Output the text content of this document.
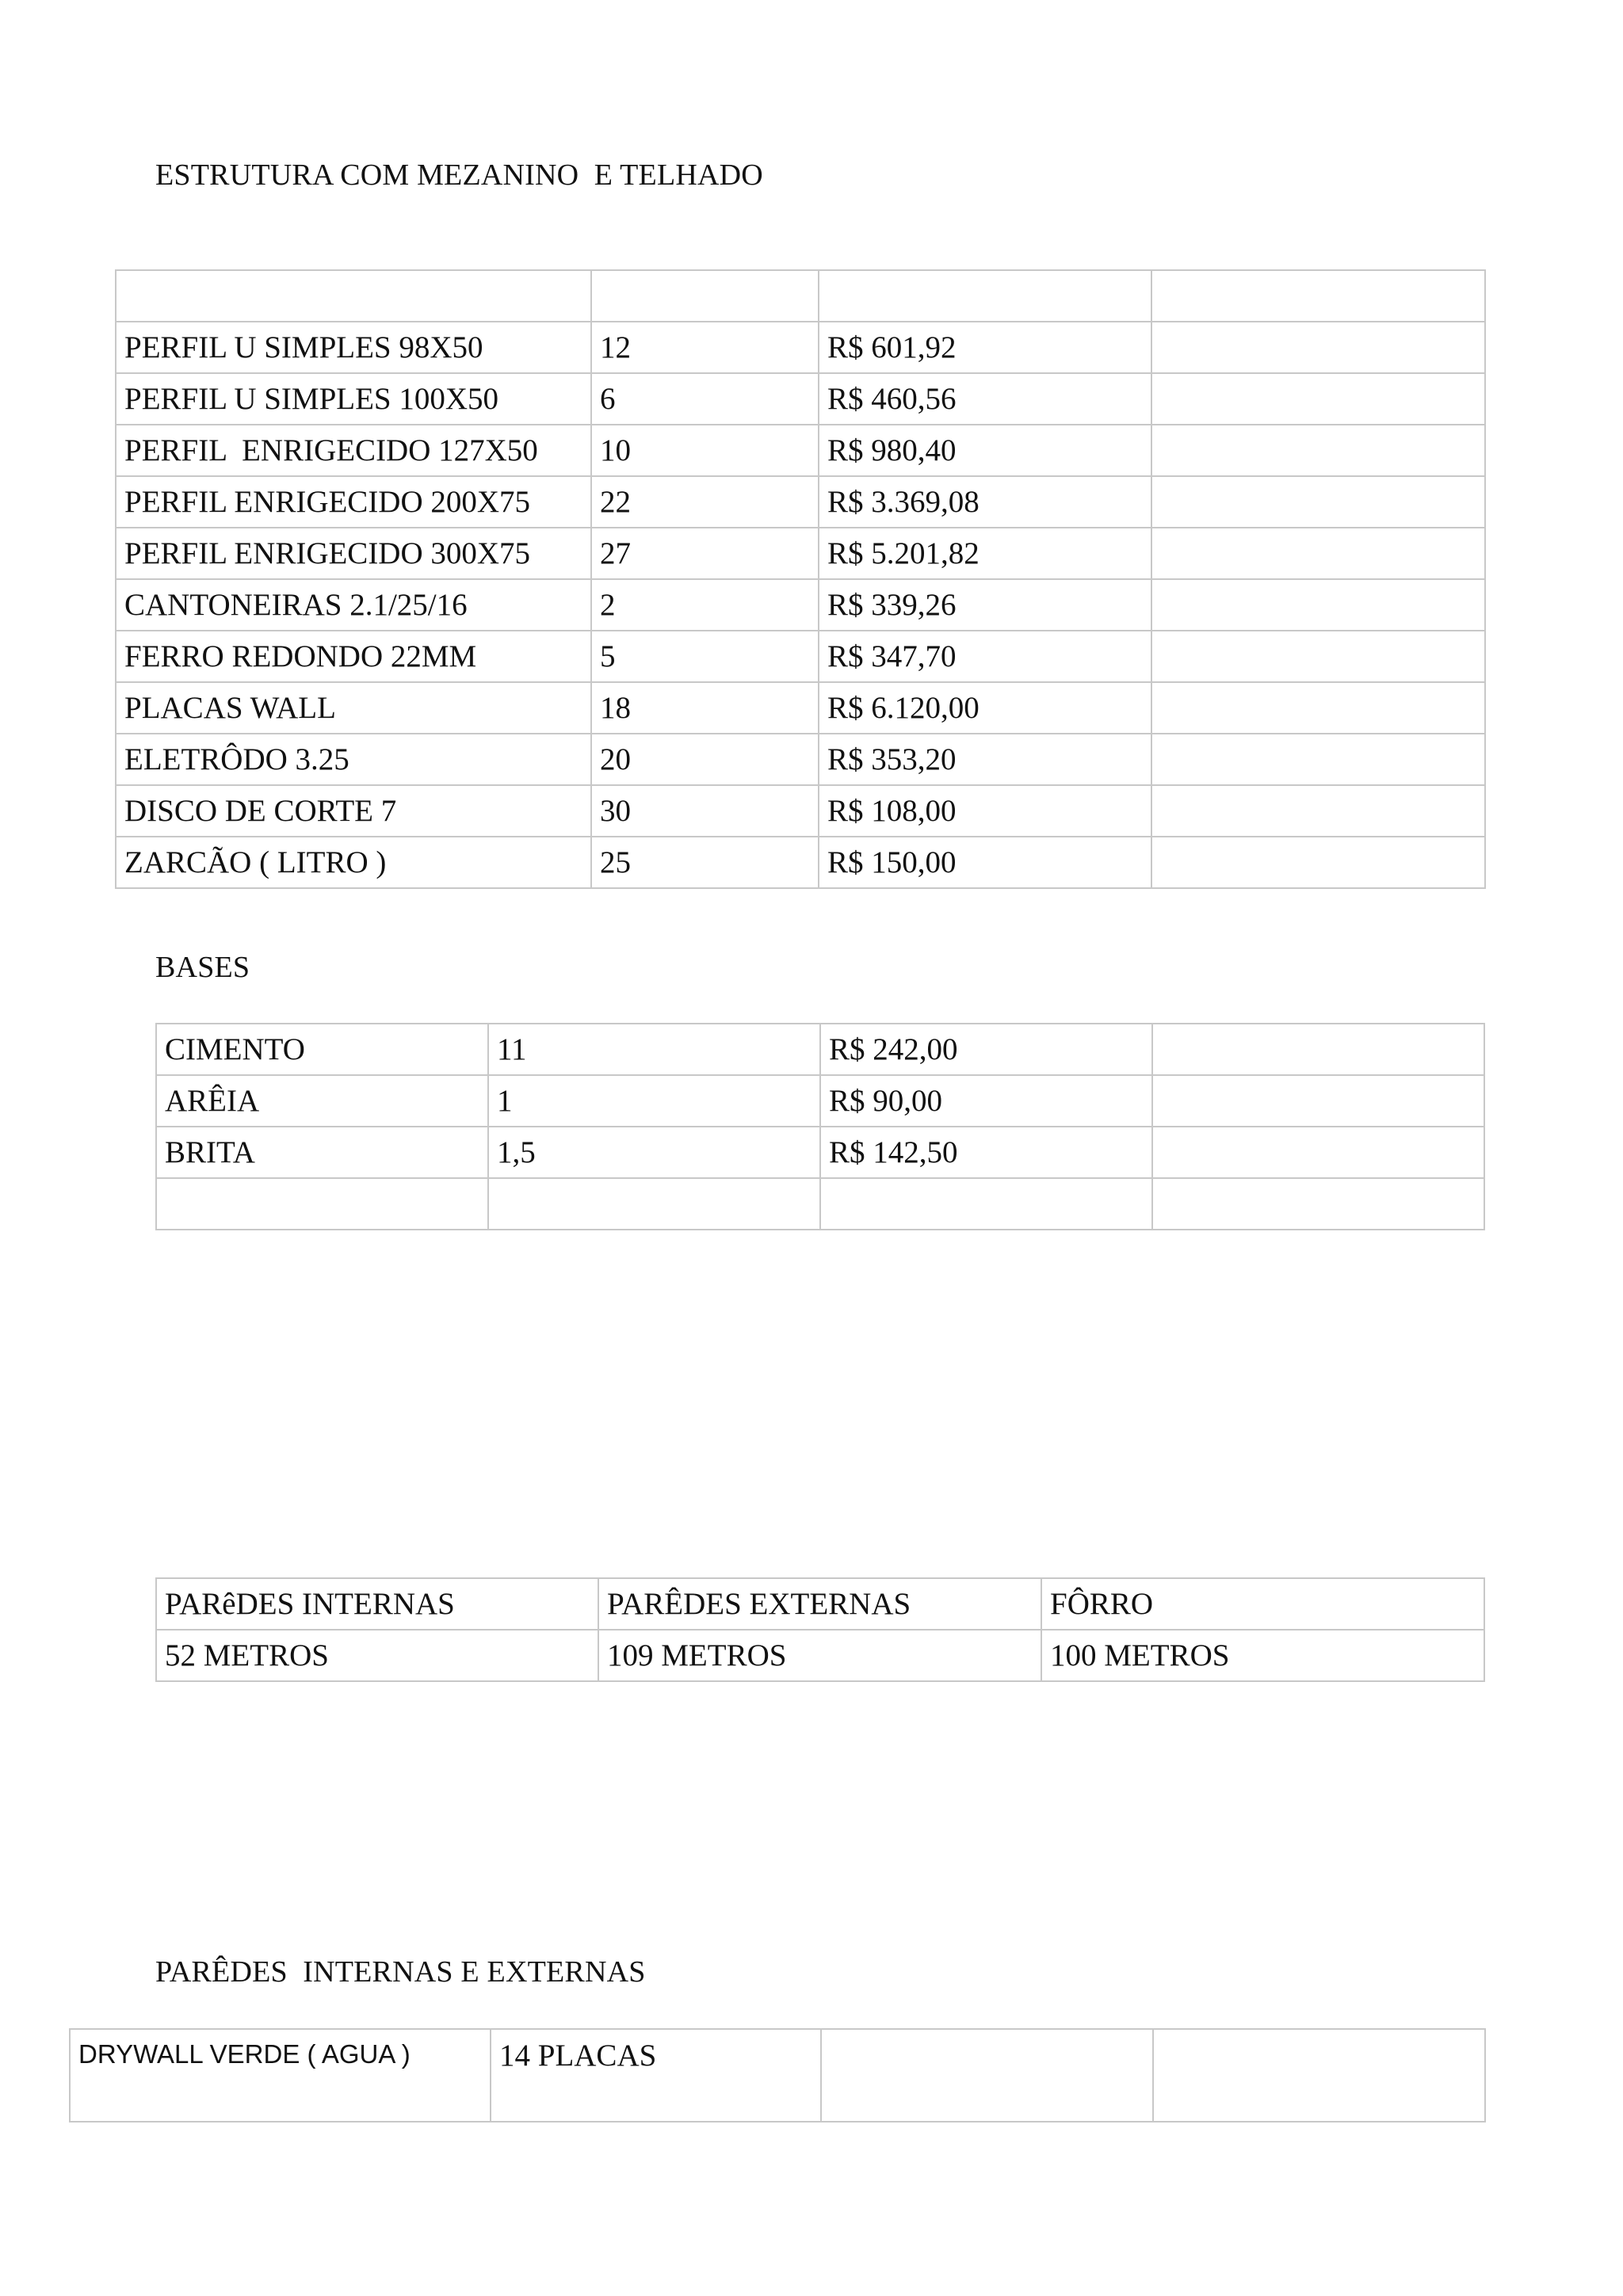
ESTRUTURA COM MEZANINO  E TELHADO

PERFIL U SIMPLES 98X50	12	R$ 601,92	
PERFIL U SIMPLES 100X50	6	R$ 460,56	
PERFIL  ENRIGECIDO 127X50	10	R$ 980,40	
PERFIL ENRIGECIDO 200X75	22	R$ 3.369,08	
PERFIL ENRIGECIDO 300X75	27	R$ 5.201,82	
CANTONEIRAS 2.1/25/16	2	R$ 339,26	
FERRO REDONDO 22MM	5	R$ 347,70	
PLACAS WALL	18	R$ 6.120,00	
ELETRÔDO 3.25	20	R$ 353,20	
DISCO DE CORTE 7	30	R$ 108,00	
ZARCÃO ( LITRO )	25	R$ 150,00	
BASES
CIMENTO	11	R$ 242,00	
ARÊIA	1	R$ 90,00	
BRITA	1,5	R$ 142,50	

PARêDES INTERNAS	PARÊDES EXTERNAS	FÔRRO
52 METROS	109 METROS	100 METROS
PARÊDES  INTERNAS E EXTERNAS
DRYWALL VERDE ( AGUA )	14 PLACAS		
